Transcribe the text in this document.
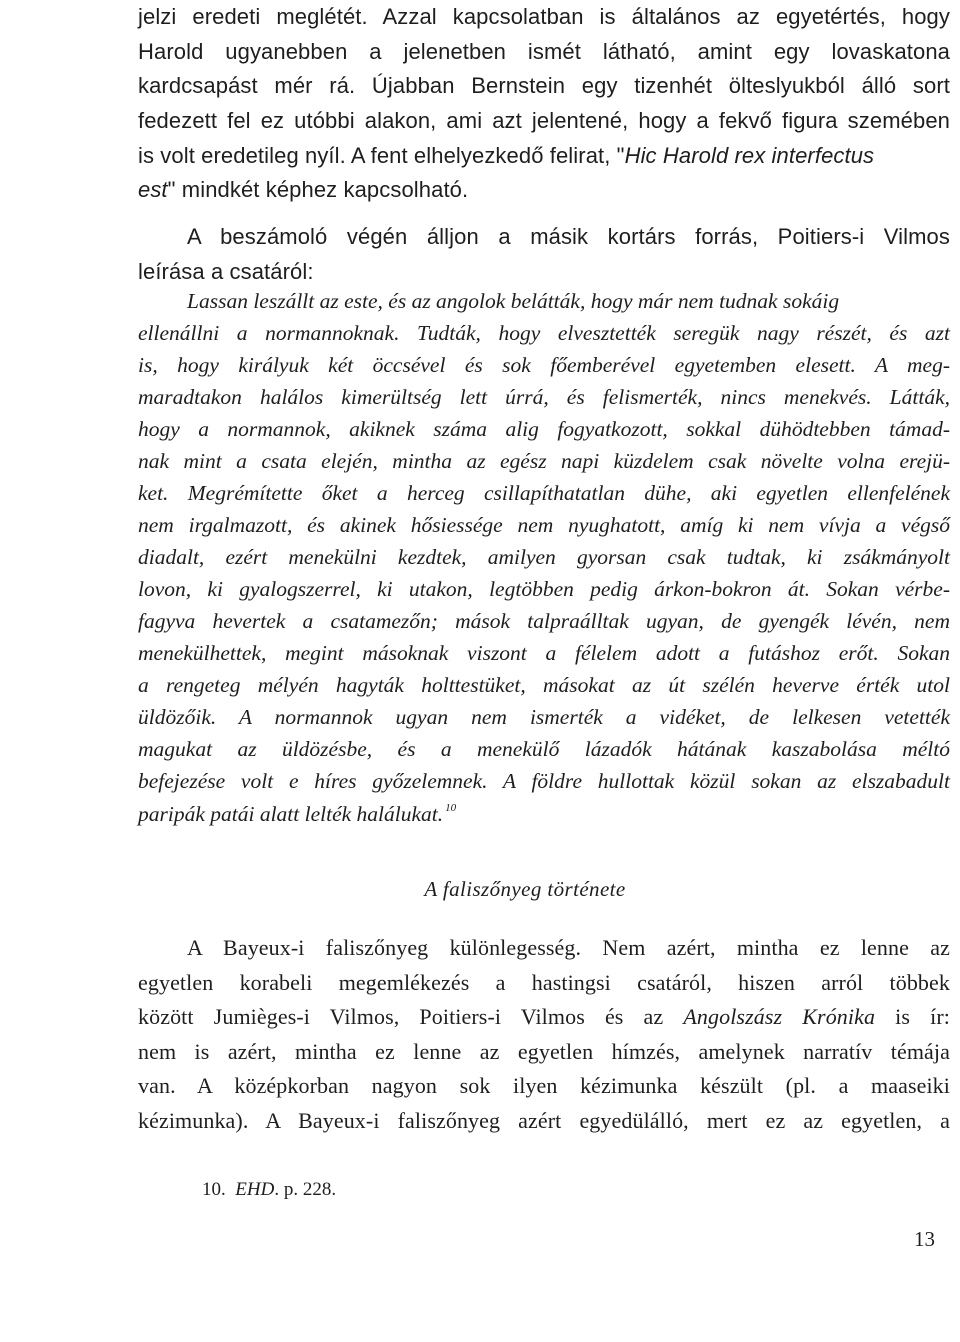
jelzi eredeti meglétét. Azzal kapcsolatban is általános az egyetértés, hogy
Harold ugyanebben a jelenetben ismét látható, amint egy lovaskatona
kardcsapást mér rá. Újabban Bernstein egy tizenhét ölteslyukból álló sort
fedezett fel ez utóbbi alakon, ami azt jelentené, hogy a fekvő figura szemében
is volt eredetileg nyíl. A fent elhelyezkedő felirat, "Hic Harold rex interfectus
est" mindkét képhez kapcsolható.
A beszámoló végén álljon a másik kortárs forrás, Poitiers-i Vilmos
leírása a csatáról:
Lassan leszállt az este, és az angolok belátták, hogy már nem tudnak sokáig
ellenállni a normannoknak. Tudták, hogy elvesztették seregük nagy részét, és azt
is, hogy királyuk két öccsével és sok főemberével egyetemben elesett. A meg-
maradtakon halálos kimerültség lett úrrá, és felismerték, nincs menekvés. Látták,
hogy a normannok, akiknek száma alig fogyatkozott, sokkal dühödtebben támad-
nak mint a csata elején, mintha az egész napi küzdelem csak növelte volna erejü-
ket. Megrémítette őket a herceg csillapíthatatlan dühe, aki egyetlen ellenfelének
nem irgalmazott, és akinek hősiessége nem nyughatott, amíg ki nem vívja a végső
diadalt, ezért menekülni kezdtek, amilyen gyorsan csak tudtak, ki zsákmányolt
lovon, ki gyalogszerrel, ki utakon, legtöbben pedig árkon-bokron át. Sokan vérbe-
fagyva hevertek a csatamezőn; mások talpraálltak ugyan, de gyengék lévén, nem
menekülhettek, megint másoknak viszont a félelem adott a futáshoz erőt. Sokan
a rengeteg mélyén hagyták holttestüket, másokat az út szélén heverve érték utol
üldözőik. A normannok ugyan nem ismerték a vidéket, de lelkesen vetették
magukat az üldözésbe, és a menekülő lázadók hátának kaszabolása méltó
befejezése volt e híres győzelemnek. A földre hullottak közül sokan az elszabadult
paripák patái alatt lelték halálukat. $^{10}$
A faliszőnyeg története
A Bayeux-i faliszőnyeg különlegesség. Nem azért, mintha ez lenne az
egyetlen korabeli megemlékezés a hastingsi csatáról, hiszen arról többek
között Jumièges-i Vilmos, Poitiers-i Vilmos és az Angolszász Krónika is ír:
nem is azért, mintha ez lenne az egyetlen hímzés, amelynek narratív témája
van. A középkorban nagyon sok ilyen kézimunka készült (pl. a maaseiki
kézimunka). A Bayeux-i faliszőnyeg azért egyedülálló, mert ez az egyetlen, a
10. EHD. p. 228.
13
